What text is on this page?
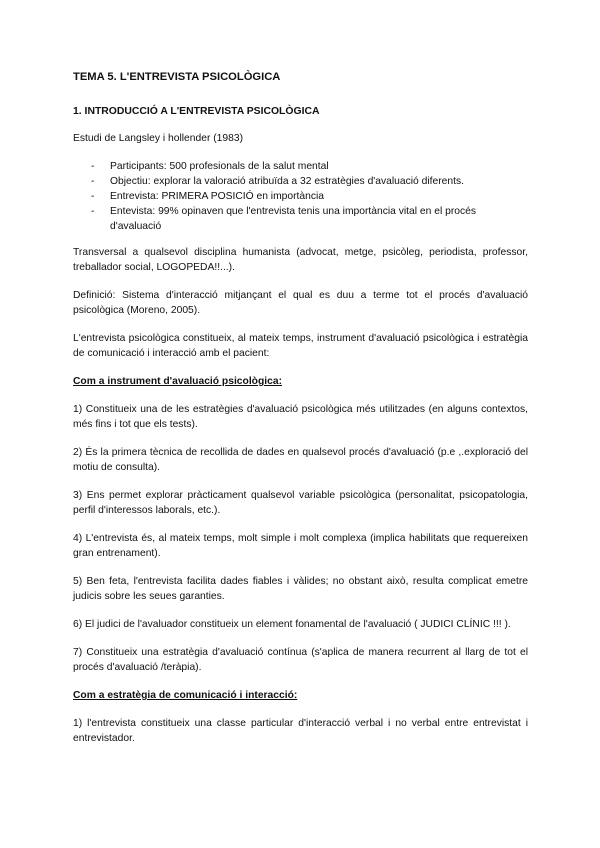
TEMA 5. L'ENTREVISTA PSICOLÒGICA
1. INTRODUCCIÓ A L'ENTREVISTA PSICOLÒGICA

Estudi de Langsley i hollender (1983)

- Participants: 500 profesionals de la salut mental
- Objectiu: explorar la valoració atribuïda a 32 estratègies d'avaluació diferents.
- Entrevista: PRIMERA POSICIÓ en importància
- Entevista: 99% opinaven que l'entrevista tenis una importància vital en el procés d'avaluació

Transversal a qualsevol disciplina humanista (advocat, metge, psicòleg, periodista, professor, treballador social, LOGOPEDA!!...).

Definició: Sistema d'interacció mitjançant el qual es duu a terme tot el procés d'avaluació psicològica (Moreno, 2005).

L'entrevista psicològica constitueix, al mateix temps, instrument d'avaluació psicològica i estratègia de comunicació i interacció amb el pacient:

Com a instrument d'avaluació psicològica:

1) Constitueix una de les estratègies d'avaluació psicològica més utilitzades (en alguns contextos, més fins i tot que els tests).

2) És la primera tècnica de recollida de dades en qualsevol procés d'avaluació (p.e ,.exploració del motiu de consulta).

3) Ens permet explorar pràcticament qualsevol variable psicològica (personalitat, psicopatologia, perfil d'interessos laborals, etc.).

4) L'entrevista és, al mateix temps, molt simple i molt complexa (implica habilitats que requereixen gran entrenament).

5) Ben feta, l'entrevista facilita dades fiables i vàlides; no obstant això, resulta complicat emetre judicis sobre les seues garanties.

6) El judici de l'avaluador constitueix un element fonamental de l'avaluació ( JUDICI CLÍNIC !!! ).

7) Constitueix una estratègia d'avaluació contínua (s'aplica de manera recurrent al llarg de tot el procés d'avaluació /teràpia).

Com a estratègia de comunicació i interacció:

1) l'entrevista constitueix una classe particular d'interacció verbal i no verbal entre entrevistat i entrevistador.
